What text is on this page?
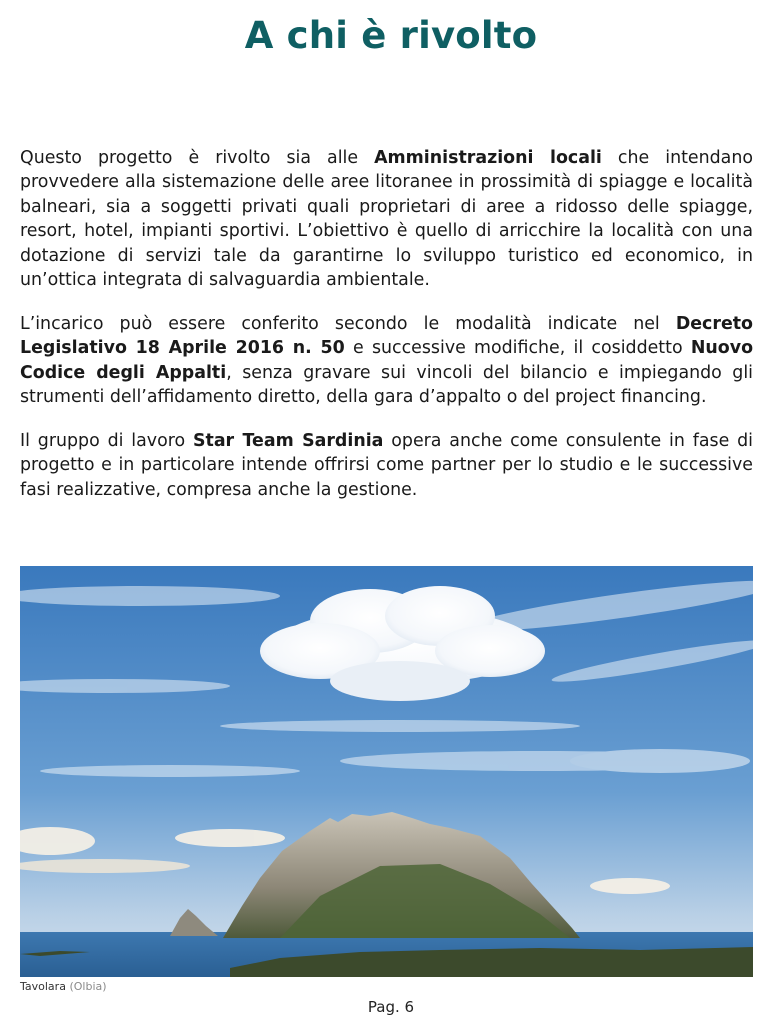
A chi è rivolto
Questo progetto è rivolto sia alle Amministrazioni locali che intendano provvedere alla sistemazione delle aree litoranee in prossimità di spiagge e località balneari, sia a soggetti privati quali proprietari di aree a ridosso delle spiagge, resort, hotel, impianti sportivi. L’obiettivo è quello di arricchire la località con una dotazione di servizi tale da garantirne lo sviluppo turistico ed economico, in un’ottica integrata di salvaguardia ambientale.
L’incarico può essere conferito secondo le modalità indicate nel Decreto Legislativo 18 Aprile 2016 n. 50 e successive modifiche, il cosiddetto Nuovo Codice degli Appalti, senza gravare sui vincoli del bilancio e impiegando gli strumenti dell’affidamento diretto, della gara d’appalto o del project financing.
Il gruppo di lavoro Star Team Sardinia opera anche come consulente in fase di progetto e in particolare intende offrirsi come partner per lo studio e le successive fasi realizzative, compresa anche la gestione.
Tavolara (Olbia)
Pag. 6
